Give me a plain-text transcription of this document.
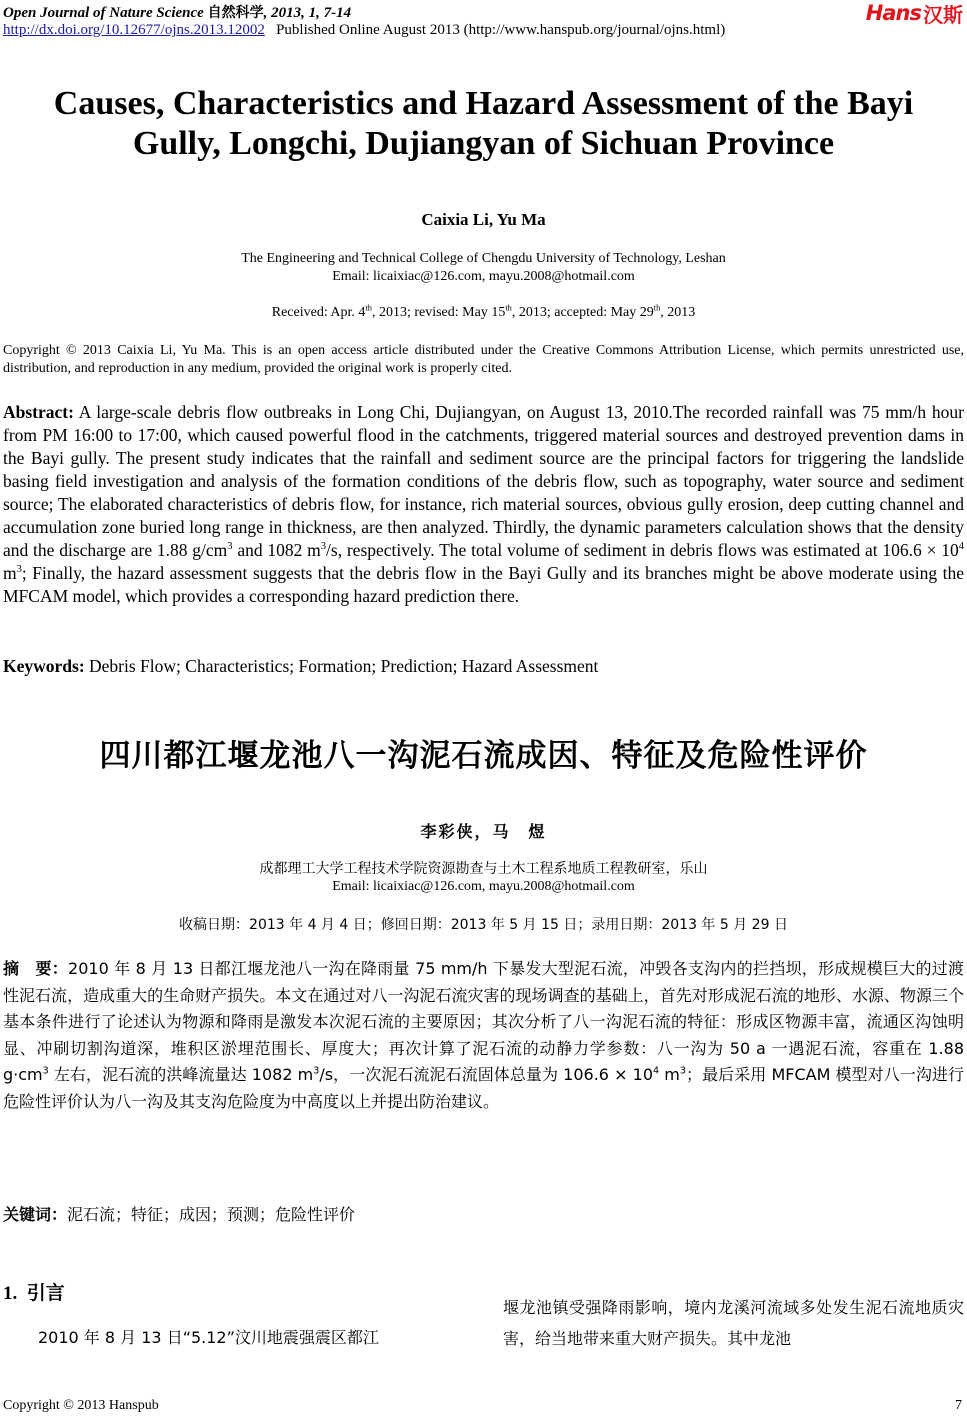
Open Journal of Nature Science 自然科学, 2013, 1, 7-14
http://dx.doi.org/10.12677/ojns.2013.12002 Published Online August 2013 (http://www.hanspub.org/journal/ojns.html)
Hans 汉斯
Causes, Characteristics and Hazard Assessment of the Bayi
Gully, Longchi, Dujiangyan of Sichuan Province
Caixia Li, Yu Ma
The Engineering and Technical College of Chengdu University of Technology, Leshan
Email: licaixiac@126.com, mayu.2008@hotmail.com
Received: Apr. 4th, 2013; revised: May 15th, 2013; accepted: May 29th, 2013
Copyright © 2013 Caixia Li, Yu Ma. This is an open access article distributed under the Creative Commons Attribution License, which permits unrestricted use, distribution, and reproduction in any medium, provided the original work is properly cited.
Abstract: A large-scale debris flow outbreaks in Long Chi, Dujiangyan, on August 13, 2010.The recorded rainfall was 75 mm/h hour from PM 16:00 to 17:00, which caused powerful flood in the catchments, triggered material sources and destroyed prevention dams in the Bayi gully. The present study indicates that the rainfall and sediment source are the principal factors for triggering the landslide basing field investigation and analysis of the formation conditions of the debris flow, such as topography, water source and sediment source; The elaborated characteristics of debris flow, for instance, rich material sources, obvious gully erosion, deep cutting channel and accumulation zone buried long range in thickness, are then analyzed. Thirdly, the dynamic parameters calculation shows that the density and the discharge are 1.88 $g/cm^3$ and 1082 $m^3/s$, respectively. The total volume of sediment in debris flows was estimated at $106.6 \times 10^4$ $m^3$; Finally, the hazard assessment suggests that the debris flow in the Bayi Gully and its branches might be above moderate using the MFCAM model, which provides a corresponding hazard prediction there.
Keywords: Debris Flow; Characteristics; Formation; Prediction; Hazard Assessment
四川都江堰龙池八一沟泥石流成因、特征及危险性评价
李彩侠，马　煜
成都理工大学工程技术学院资源勘查与土木工程系地质工程教研室，乐山
Email: licaixiac@126.com, mayu.2008@hotmail.com
收稿日期：2013 年 4 月 4 日；修回日期：2013 年 5 月 15 日；录用日期：2013 年 5 月 29 日
摘　要：2010 年 8 月 13 日都江堰龙池八一沟在降雨量 75 mm/h 下暴发大型泥石流，冲毁各支沟内的拦挡坝，形成规模巨大的过渡性泥石流，造成重大的生命财产损失。本文在通过对八一沟泥石流灾害的现场调查的基础上，首先对形成泥石流的地形、水源、物源三个基本条件进行了论述认为物源和降雨是激发本次泥石流的主要原因；其次分析了八一沟泥石流的特征：形成区物源丰富，流通区沟蚀明显、冲刷切割沟道深，堆积区淤埋范围长、厚度大；再次计算了泥石流的动静力学参数：八一沟为 50 a 一遇泥石流，容重在 1.88 $g\cdot cm^3$ 左右，泥石流的洪峰流量达 1082 $m^3/s$，一次泥石流泥石流固体总量为 $106.6 \times 10^4$ $m^3$；最后采用 MFCAM 模型对八一沟进行危险性评价认为八一沟及其支沟危险度为中高度以上并提出防治建议。
关键词：泥石流；特征；成因；预测；危险性评价
1. 引言
2010 年 8 月 13 日“5.12”汶川地震强震区都江
堰龙池镇受强降雨影响，境内龙溪河流域多处发生泥石流地质灾害，给当地带来重大财产损失。其中龙池
Copyright © 2013 Hanspub	7
